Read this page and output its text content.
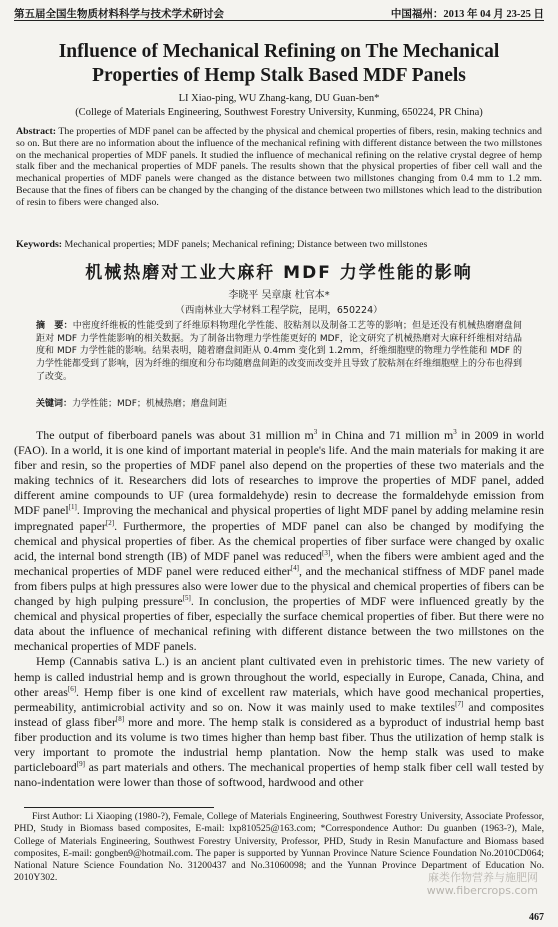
第五届全国生物质材料科学与技术学术研讨会	中国福州：2013 年 04 月 23-25 日
Influence of Mechanical Refining on The Mechanical Properties of Hemp Stalk Based MDF Panels
LI Xiao-ping, WU Zhang-kang, DU Guan-ben*
(College of Materials Engineering, Southwest Forestry University, Kunming, 650224, PR China)
Abstract: The properties of MDF panel can be affected by the physical and chemical properties of fibers, resin, making technics and so on. But there are no information about the influence of the mechanical refining with different distance between the two millstones on the mechanical properties of MDF panels. It studied the influence of mechanical refining on the relative crystal degree of hemp stalk fiber and the mechanical properties of MDF panels. The results shown that the physical properties of fiber cell wall and the mechanical properties of MDF panels were changed as the distance between two millstones changing from 0.4 mm to 1.2 mm. Because that the fines of fibers can be changed by the changing of the distance between two millstones which lead to the distribution of resin to fibers were changed also.
Keywords: Mechanical properties; MDF panels; Mechanical refining; Distance between two millstones
机械热磨对工业大麻秆 MDF 力学性能的影响
李晓平 吴章康 杜官本*
（西南林业大学材料工程学院，昆明，650224）
摘　要：中密度纤维板的性能受到了纤维原料物理化学性能、胶粘剂以及制备工艺等的影响；但是还没有机械热磨磨盘间距对 MDF 力学性能影响的相关数据。为了制备出物理力学性能更好的 MDF，论文研究了机械热磨对大麻秆纤维相对结晶度和 MDF 力学性能的影响。结果表明，随着磨盘间距从 0.4mm 变化到 1.2mm，纤维细胞壁的物理力学性能和 MDF 的力学性能都受到了影响，因为纤维的细度和分布均随磨盘间距的改变而改变并且导致了胶粘剂在纤维细胞壁上的分布也得到了改变。
关键词：力学性能；MDF；机械热磨；磨盘间距

The output of fiberboard panels was about 31 million $m^3$ in China and 71 million $m^3$ in 2009 in world (FAO). In a world, it is one kind of important material in people's life. And the main materials for making it are fiber and resin, so the properties of MDF panel also depend on the properties of these two materials and the making technics of it. Researchers did lots of researches to improve the properties of MDF panel, added different amine compounds to UF (urea formaldehyde) resin to decrease the formaldehyde emission from MDF panel[1]. Improving the mechanical and physical properties of light MDF panel by adding melamine resin impregnated paper[2]. Furthermore, the properties of MDF panel can also be changed by modifying the chemical and physical properties of fiber. As the chemical properties of fiber surface were changed by oxalic acid, the internal bond strength (IB) of MDF panel was reduced[3], when the fibers were ambient aged and the mechanical properties of MDF panel were reduced either[4], and the mechanical stiffness of MDF panel made from fibers pulps at high pressures also were lower due to the physical and chemical properties of fibers can be changed by high pulping pressure[5]. In conclusion, the properties of MDF were influenced greatly by the chemical and physical properties of fiber, especially the surface chemical properties of fiber. But there were no data about the influence of mechanical refining with different distance between the two millstones on the mechanical properties of MDF panels.

Hemp (Cannabis sativa L.) is an ancient plant cultivated even in prehistoric times. The new variety of hemp is called industrial hemp and is grown throughout the world, especially in Europe, Canada, China, and other areas[6]. Hemp fiber is one kind of excellent raw materials, which have good mechanical properties, permeability, antimicrobial activity and so on. Now it was mainly used to make textiles[7] and composites instead of glass fiber[8] more and more. The hemp stalk is considered as a byproduct of industrial hemp bast fiber production and its volume is two times higher than hemp bast fiber. Thus the utilization of hemp stalk is very important to promote the industrial hemp plantation. Now the hemp stalk was used to make particleboard[9] as part materials and others. The mechanical properties of hemp stalk fiber cell wall tested by nano-indentation were lower than those of softwood, hardwood and other

First Author: Li Xiaoping (1980-?), Female, College of Materials Engineering, Southwest Forestry University, Associate Professor, PHD, Study in Biomass based composites, E-mail: lxp810525@163.com; *Correspondence Author: Du guanben (1963-?), Male, College of Materials Engineering, Southwest Forestry University, Professor, PHD, Study in Resin Manufacture and Biomass based composites, E-mail: gongben9@hotmail.com. The paper is supported by Yunnan Province Nature Science Foundation No.2010CD064; National Nature Science Foundation No. 31200437 and No.31060098; and the Yunnan Province Department of Education No. 2010Y302.	麻类作物营养与施肥网
www.fibercrops.com
467
